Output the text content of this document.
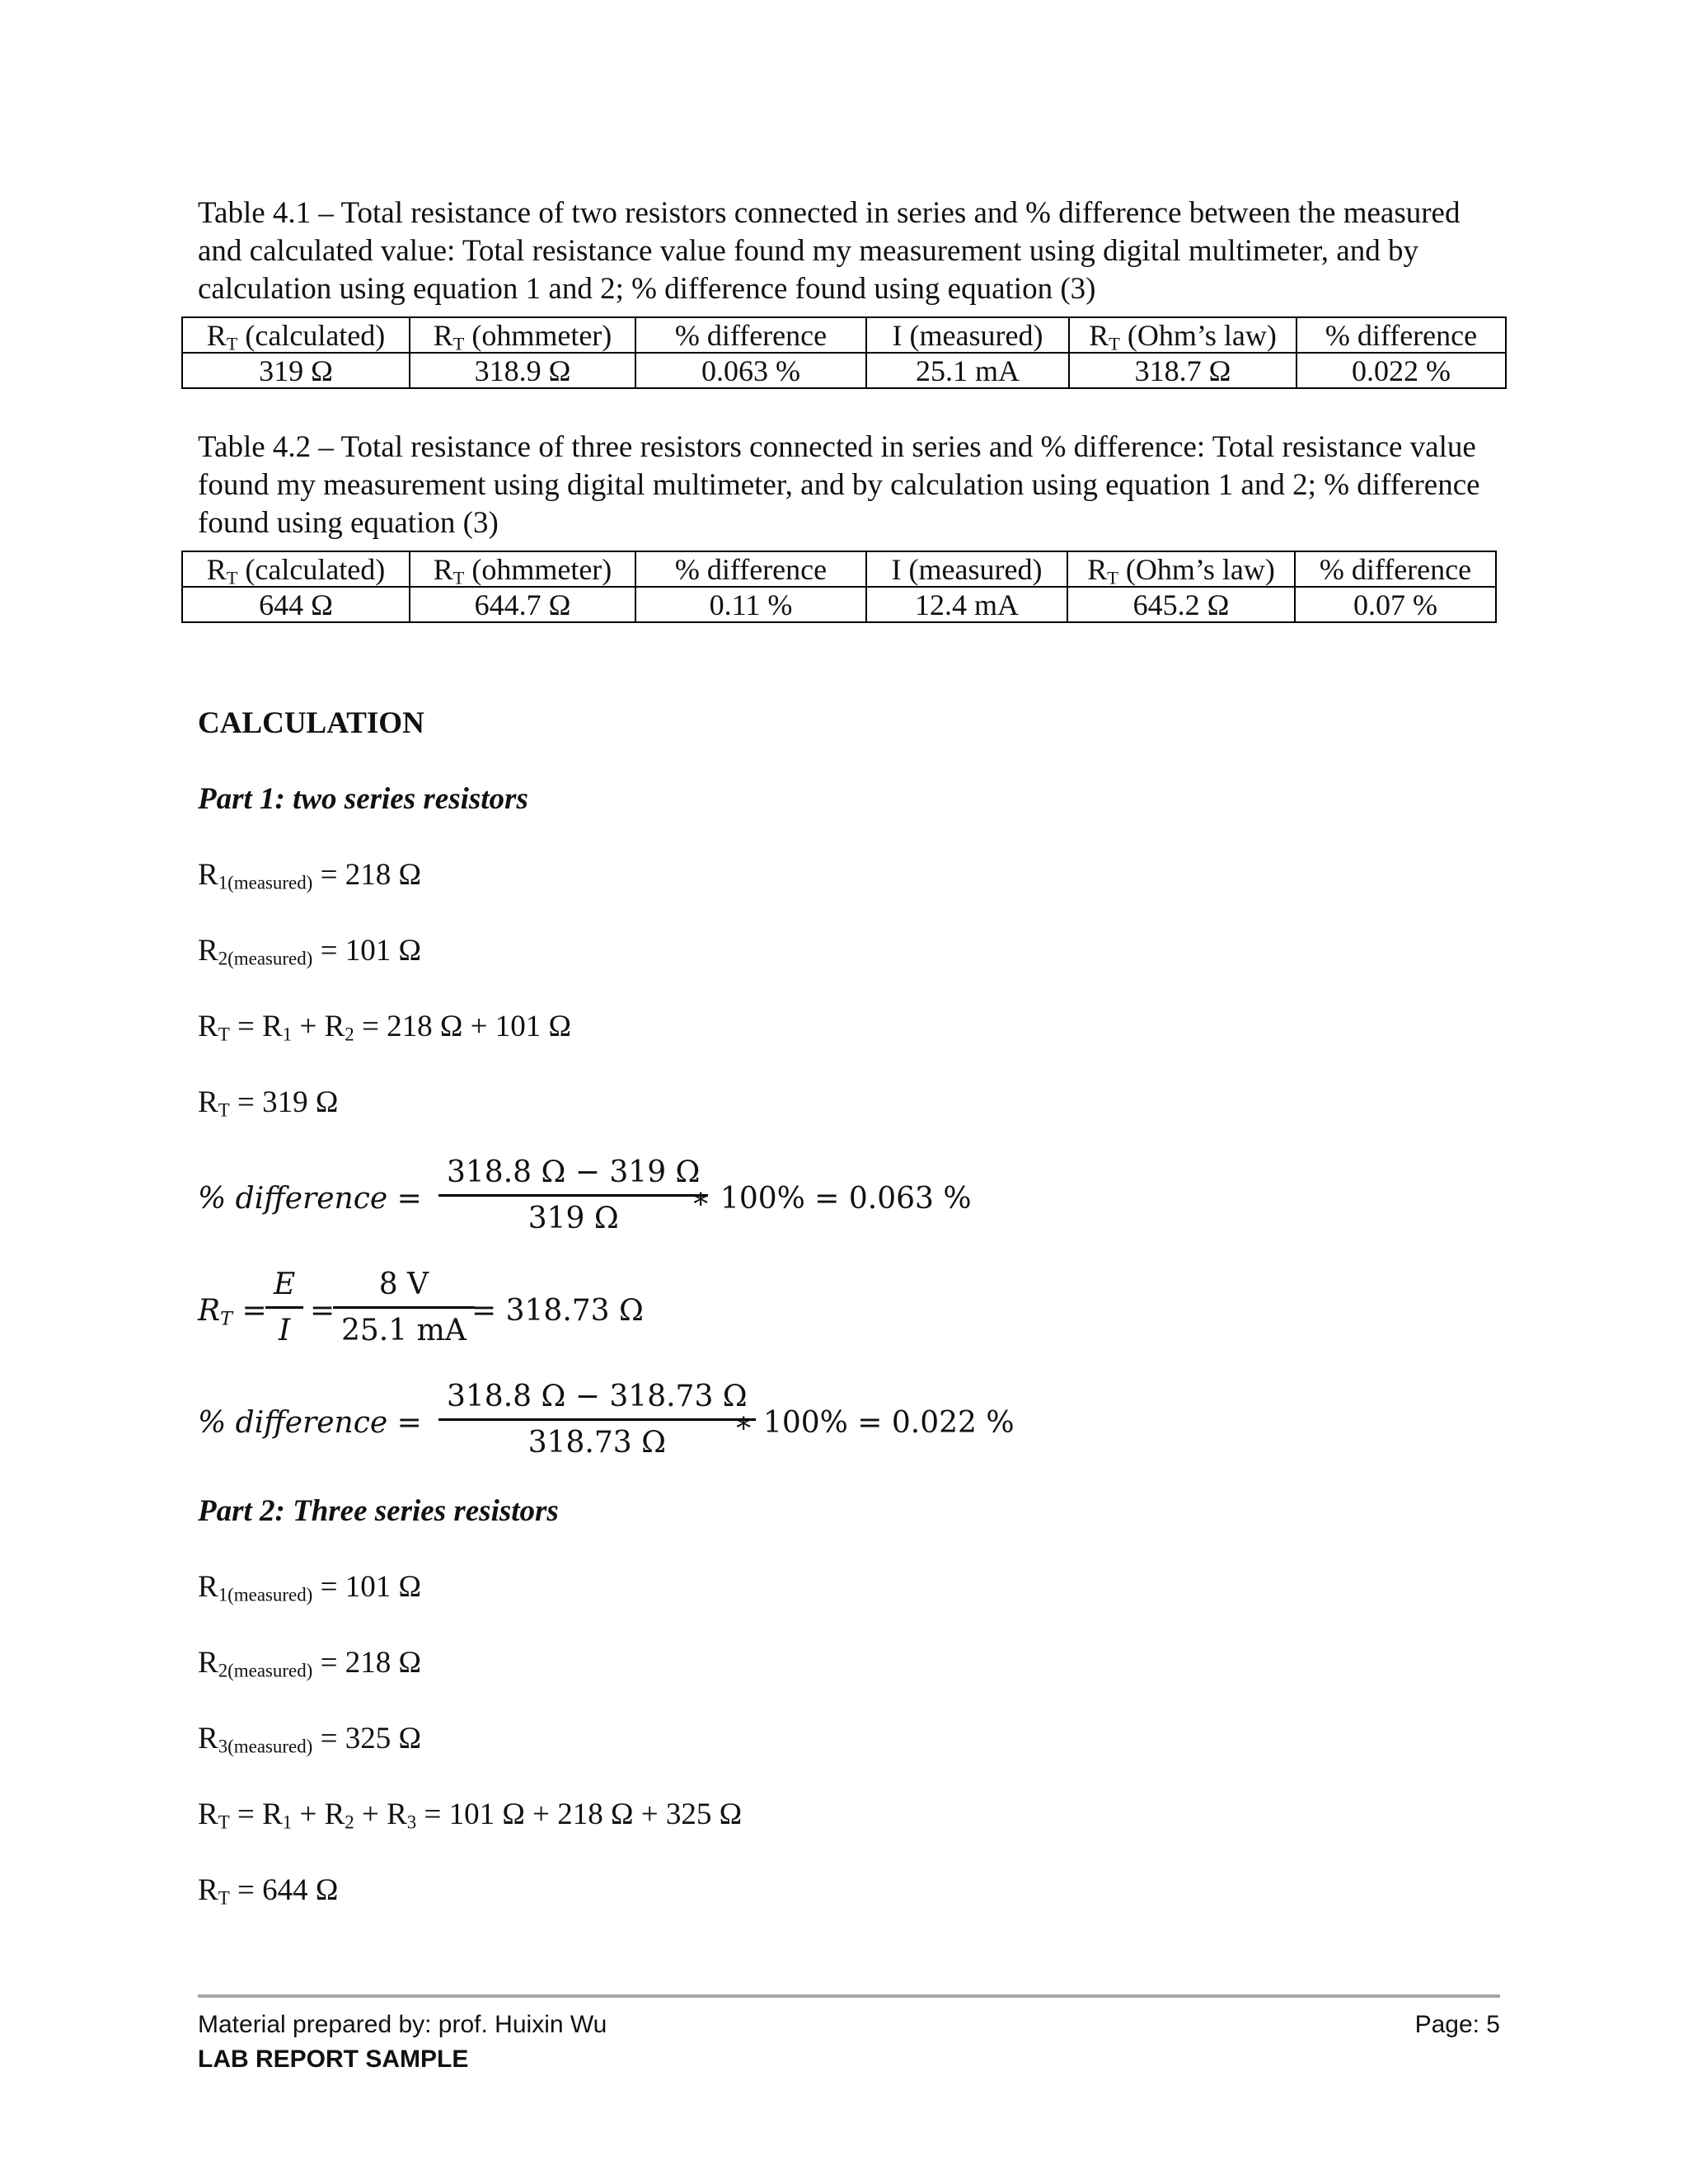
Table 4.1 – Total resistance of two resistors connected in series and % difference between the measured and calculated value: Total resistance value found my measurement using digital multimeter, and by calculation using equation 1 and 2; % difference found using equation (3)

$R_T$ (calculated)	$R_T$ (ohmmeter)	% difference	I (measured)	$R_T$ (Ohm’s law)	% difference
319 Ω	318.9 Ω	0.063 %	25.1 mA	318.7 Ω	0.022 %

Table 4.2 – Total resistance of three resistors connected in series and % difference: Total resistance value found my measurement using digital multimeter, and by calculation using equation 1 and 2; % difference found using equation (3)

$R_T$ (calculated)	$R_T$ (ohmmeter)	% difference	I (measured)	$R_T$ (Ohm’s law)	% difference
644 Ω	644.7 Ω	0.11 %	12.4 mA	645.2 Ω	0.07 %
CALCULATION
Part 1: two series resistors
$R_{1(measured)} = 218$ Ω
$R_{2(measured)} = 101$ Ω
$R_T = R_1 + R_2 = 218$ Ω + 101 Ω
$R_T = 319$ Ω
% difference = $\frac{318.8 \Omega - 319 \Omega}{319 \Omega}$
∗ 100% = 0.063 %
$R_T$ =
$\frac{E}{I}$ =
$\frac{8 V}{25.1 mA}$
= 318.73 Ω
% difference = $\frac{318.8 \Omega - 318.73 \Omega}{318.73 \Omega}$
∗ 100% = 0.022 %
Part 2: Three series resistors
$R_{1(measured)} = 101$ Ω
$R_{2(measured)} = 218$ Ω
$R_{3(measured)} = 325$ Ω
$R_T = R_1 + R_2 + R_3 = 101$ Ω + 218 Ω + 325 Ω
$R_T = 644$ Ω
Material prepared by: prof. Huixin Wu	Page: 5
LAB REPORT SAMPLE
